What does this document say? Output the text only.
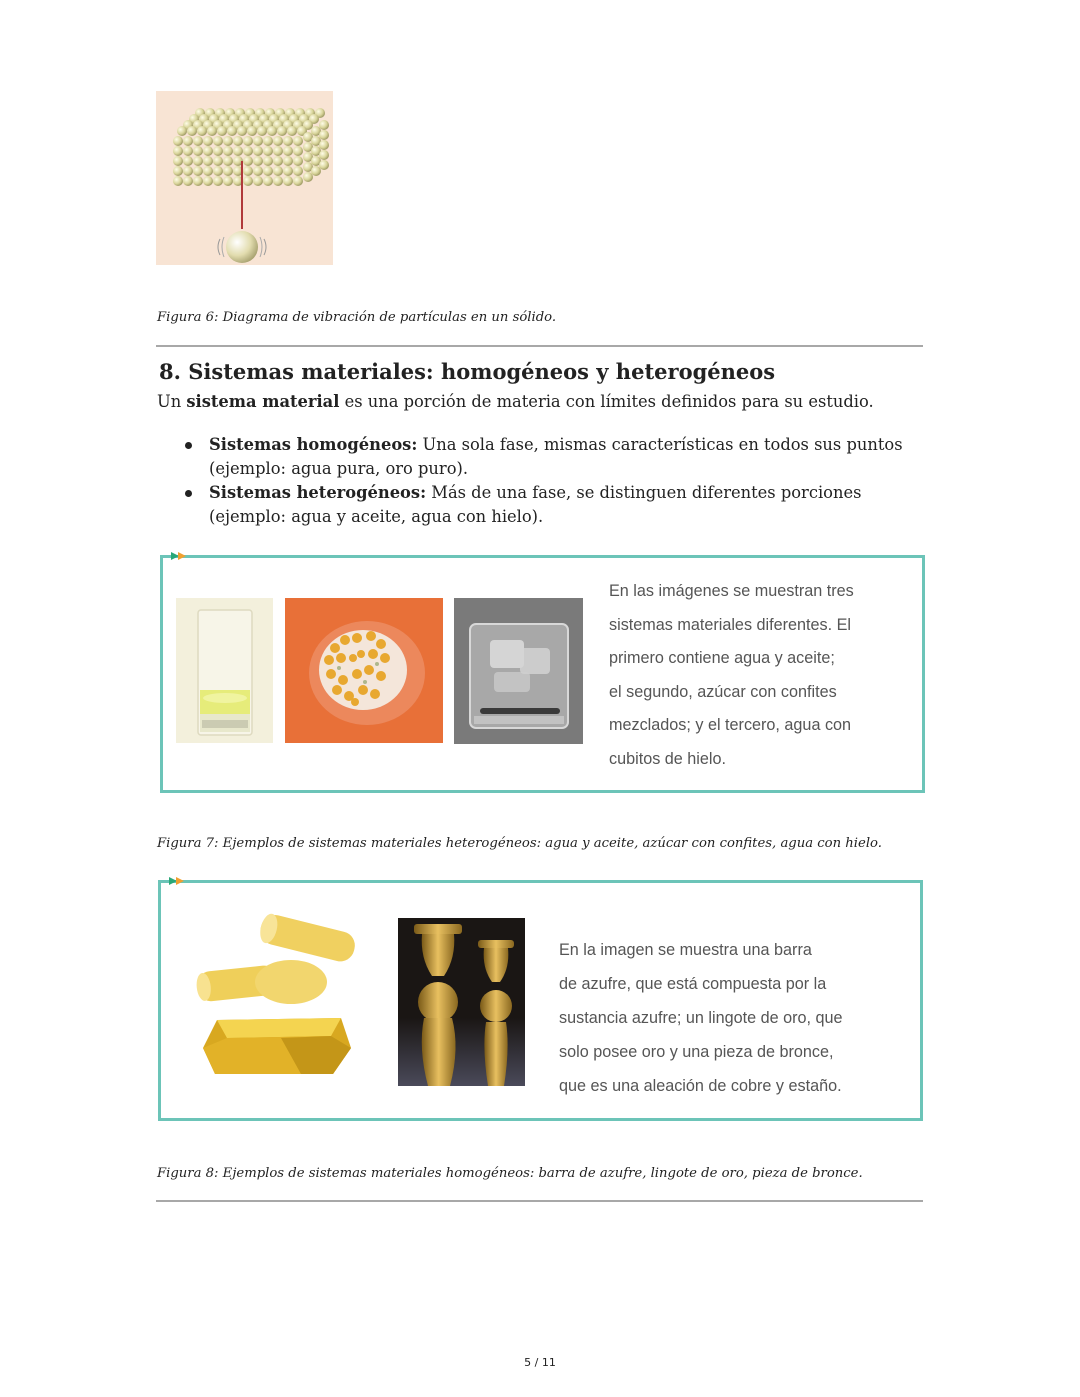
Figura 6: Diagrama de vibración de partículas en un sólido.
8. Sistemas materiales: homogéneos y heterogéneos
Un sistema material es una porción de materia con límites definidos para su estudio.
Sistemas homogéneos: Una sola fase, mismas características en todos sus puntos
(ejemplo: agua pura, oro puro).
Sistemas heterogéneos: Más de una fase, se distinguen diferentes porciones
(ejemplo: agua y aceite, agua con hielo).
En las imágenes se muestran tres
sistemas materiales diferentes. El
primero contiene agua y aceite;
el segundo, azúcar con confites
mezclados; y el tercero, agua con
cubitos de hielo.
Figura 7: Ejemplos de sistemas materiales heterogéneos: agua y aceite, azúcar con confites, agua con hielo.
En la imagen se muestra una barra
de azufre, que está compuesta por la
sustancia azufre; un lingote de oro, que
solo posee oro y una pieza de bronce,
que es una aleación de cobre y estaño.
Figura 8: Ejemplos de sistemas materiales homogéneos: barra de azufre, lingote de oro, pieza de bronce.
5 / 11
